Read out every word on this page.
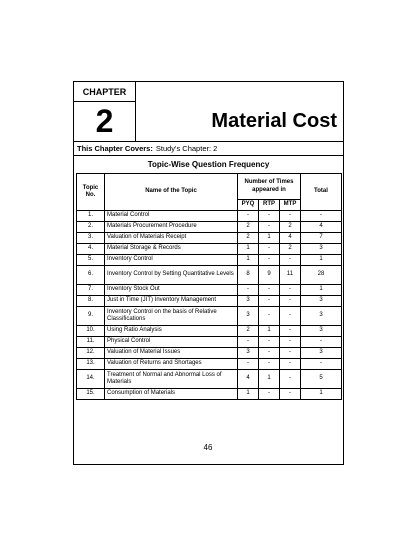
CHAPTER
2	Material Cost
This Chapter Covers: Study's Chapter: 2
Topic-Wise Question Frequency
Topic No.	Name of the Topic	Number of Times appeared in			Total
		PYQ	RTP	MTP	
1.	Material Control	-	-	-	-
2.	Materials Procurement Procedure	2	-	2	4
3.	Valuation of Materials Receipt	2	1	4	7
4.	Material Storage & Records	1	-	2	3
5.	Inventory Control	1	-	-	1
6.	Inventory Control by Setting Quantitative Levels	8	9	11	28
7.	Inventory Stock Out	-	-	-	1
8.	Just in Time (JIT) Inventory Management	3	-	-	3
9.	Inventory Control on the basis of Relative Classifications	3	-	-	3
10.	Using Ratio Analysis	2	1	-	3
11.	Physical Control	-	-	-	-
12.	Valuation of Material Issues	3	-	-	3
13.	Valuation of Returns and Shortages	-	-	-	-
14.	Treatment of Normal and Abnormal Loss of Materials	4	1	-	5
15.	Consumption of Materials	1	-	-	1
46
